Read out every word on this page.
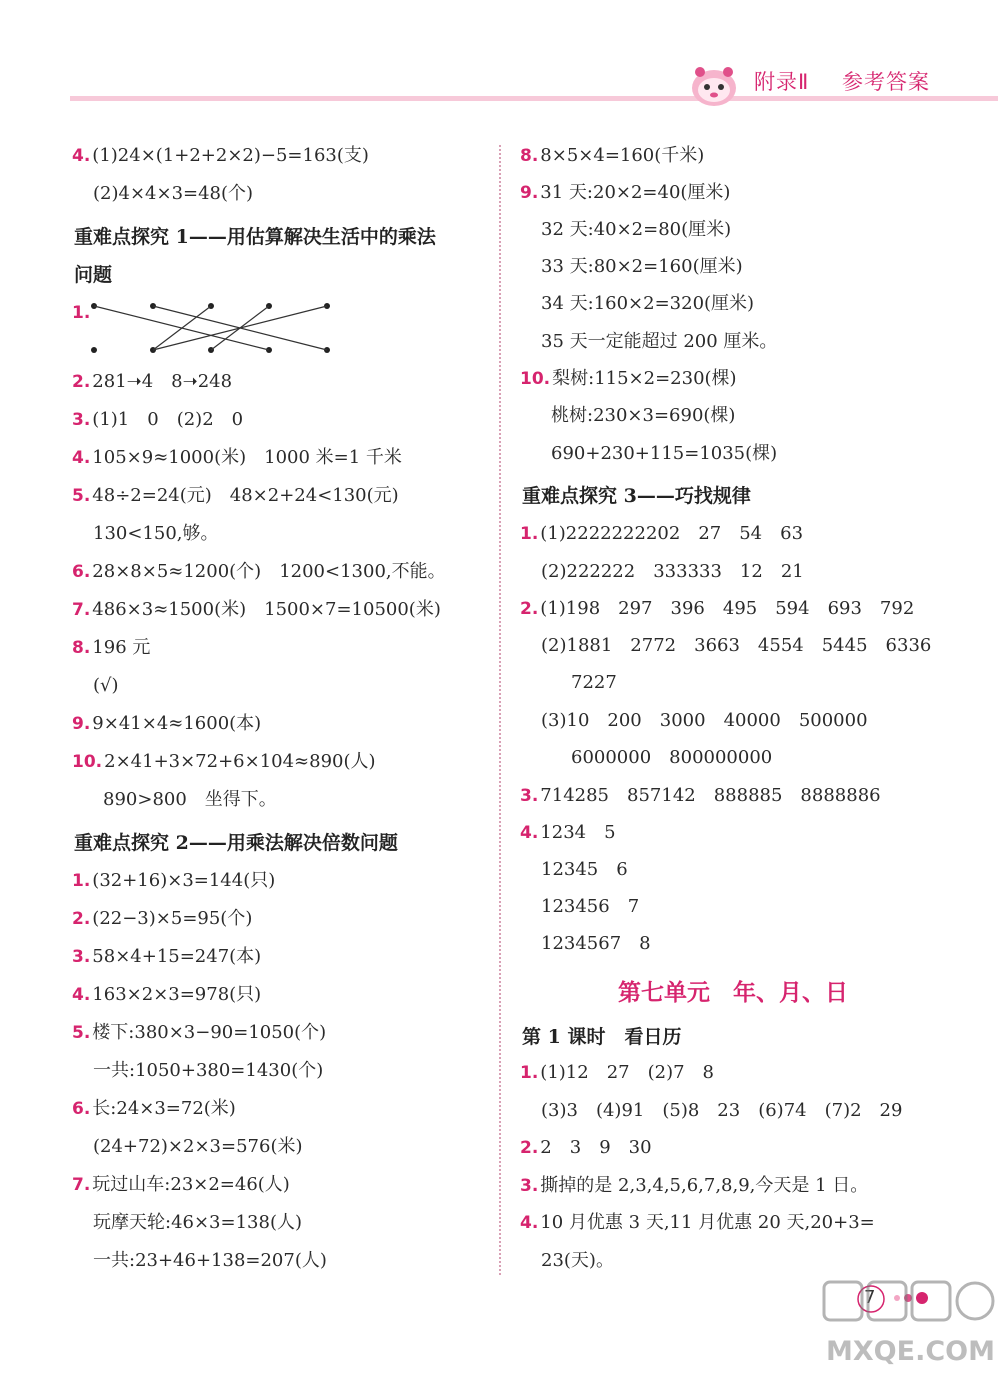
附录Ⅱ 参考答案
4. (1)24×(1+2+2×2)−5=163(支)
(2)4×4×3=48(个)
重难点探究 1——用估算解决生活中的乘法
问题
1.
2. 281➝4　8➝248
3. (1)1　0　(2)2　0
4. 105×9≈1000(米)　1000 米=1 千米
5. 48÷2=24(元)　48×2+24<130(元)
130<150,够。
6. 28×8×5≈1200(个)　1200<1300,不能。
7. 486×3≈1500(米)　1500×7=10500(米)
8. 196 元
(√)
9. 9×41×4≈1600(本)
10. 2×41+3×72+6×104≈890(人)
890>800　坐得下。
重难点探究 2——用乘法解决倍数问题
1. (32+16)×3=144(只)
2. (22−3)×5=95(个)
3. 58×4+15=247(本)
4. 163×2×3=978(只)
5. 楼下:380×3−90=1050(个)
一共:1050+380=1430(个)
6. 长:24×3=72(米)
(24+72)×2×3=576(米)
7. 玩过山车:23×2=46(人)
玩摩天轮:46×3=138(人)
一共:23+46+138=207(人)
8. 8×5×4=160(千米)
9. 31 天:20×2=40(厘米)
32 天:40×2=80(厘米)
33 天:80×2=160(厘米)
34 天:160×2=320(厘米)
35 天一定能超过 200 厘米。
10. 梨树:115×2=230(棵)
桃树:230×3=690(棵)
690+230+115=1035(棵)
重难点探究 3——巧找规律
1. (1)2222222202　27　54　63
(2)222222　333333　12　21
2. (1)198　297　396　495　594　693　792
(2)1881　2772　3663　4554　5445　6336
7227
(3)10　200　3000　40000　500000
6000000　800000000
3. 714285　857142　888885　8888886
4. 1234　5
12345　6
123456　7
1234567　8
第七单元　年、月、日
第 1 课时　看日历
1. (1)12　27　(2)7　8
(3)3　(4)91　(5)8　23　(6)74　(7)2　29
2. 2　3　9　30
3. 撕掉的是 2,3,4,5,6,7,8,9,今天是 1 日。
4. 10 月优惠 3 天,11 月优惠 20 天,20+3=
23(天)。
7
MXQE.COM
